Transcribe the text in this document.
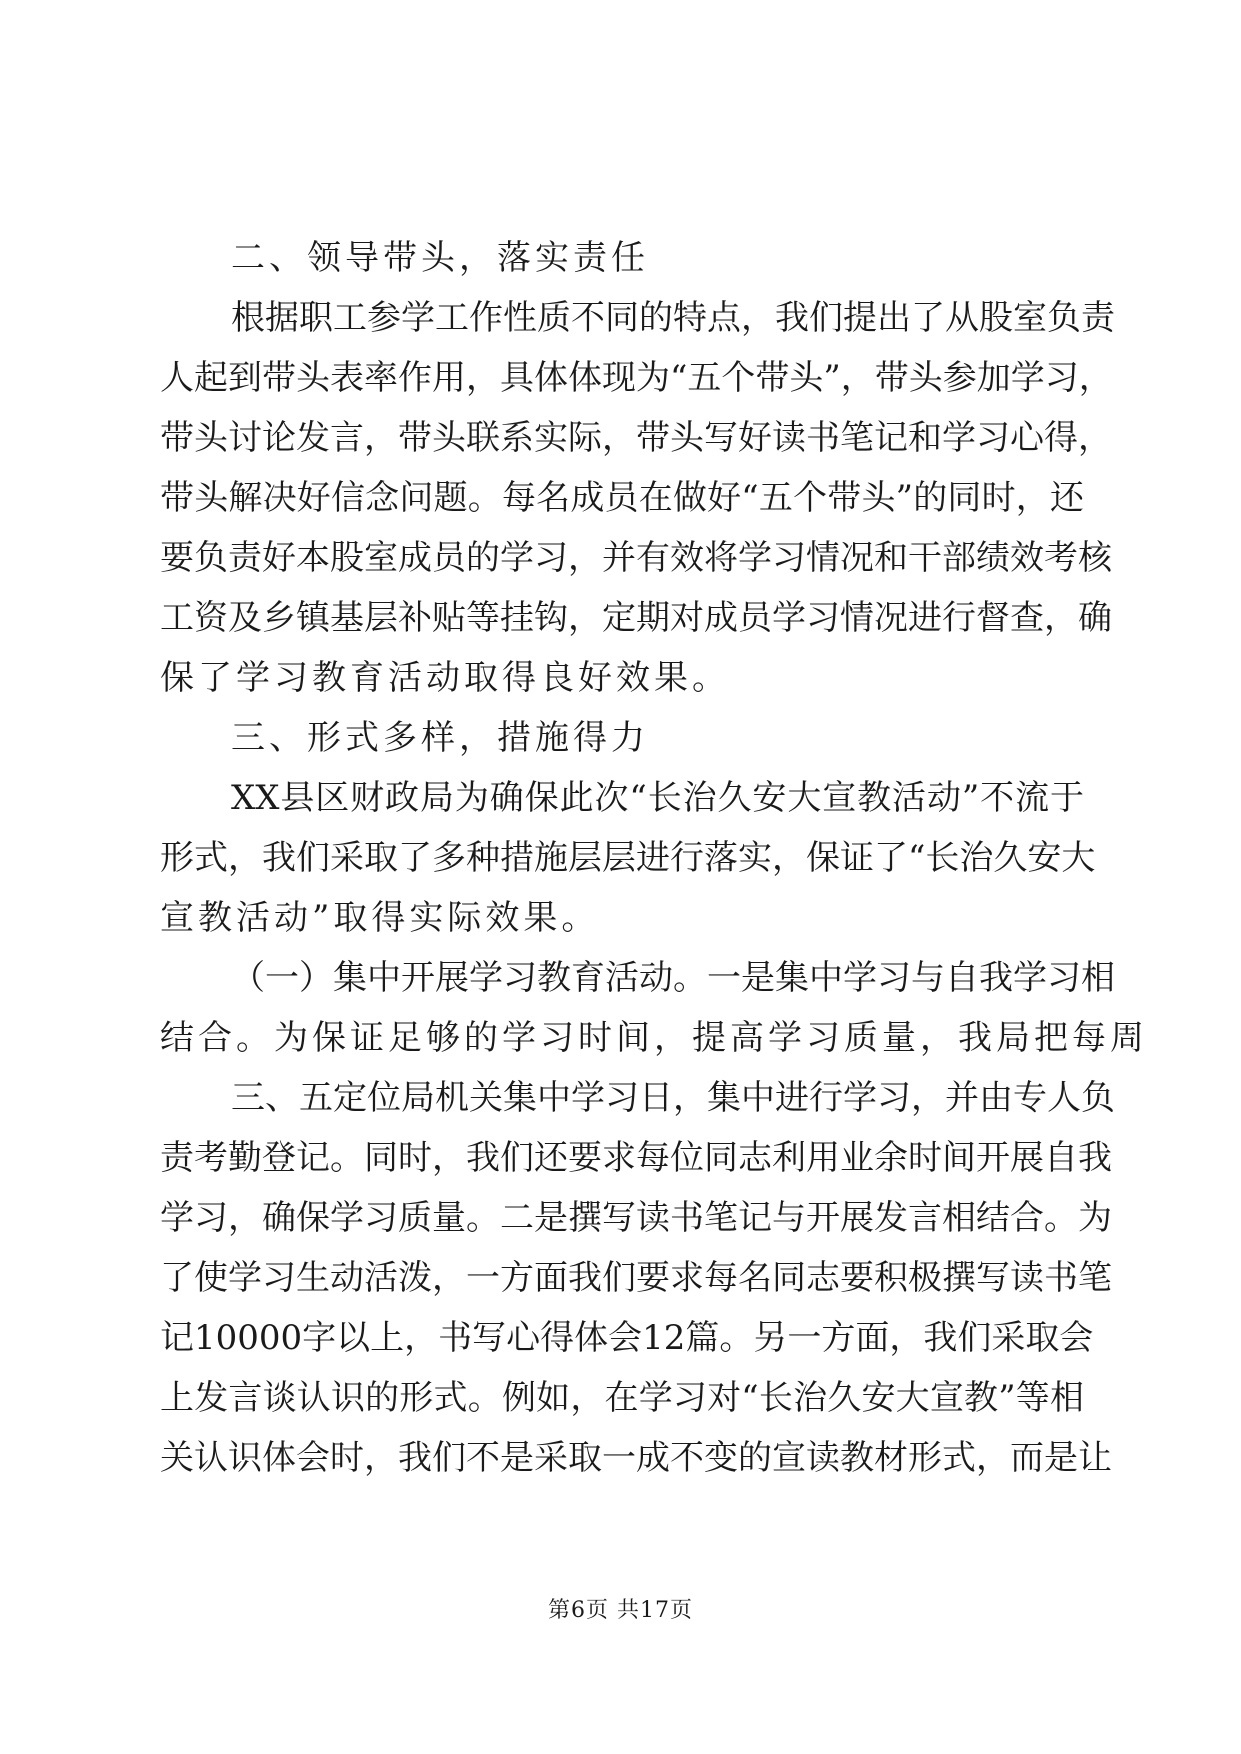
二、领导带头，落实责任
根据职工参学工作性质不同的特点，我们提出了从股室负责
人起到带头表率作用，具体体现为“五个带头”，带头参加学习，
带头讨论发言，带头联系实际，带头写好读书笔记和学习心得，
带头解决好信念问题。每名成员在做好“五个带头”的同时，还
要负责好本股室成员的学习，并有效将学习情况和干部绩效考核
工资及乡镇基层补贴等挂钩，定期对成员学习情况进行督查，确
保了学习教育活动取得良好效果。
三、形式多样，措施得力
XX县区财政局为确保此次“长治久安大宣教活动”不流于
形式，我们采取了多种措施层层进行落实，保证了“长治久安大
宣教活动”取得实际效果。
（一）集中开展学习教育活动。一是集中学习与自我学习相
结合。为保证足够的学习时间，提高学习质量，我局把每周
三、五定位局机关集中学习日，集中进行学习，并由专人负
责考勤登记。同时，我们还要求每位同志利用业余时间开展自我
学习，确保学习质量。二是撰写读书笔记与开展发言相结合。为
了使学习生动活泼，一方面我们要求每名同志要积极撰写读书笔
记10000字以上，书写心得体会12篇。另一方面，我们采取会
上发言谈认识的形式。例如，在学习对“长治久安大宣教”等相
关认识体会时，我们不是采取一成不变的宣读教材形式，而是让
第6页 共17页
